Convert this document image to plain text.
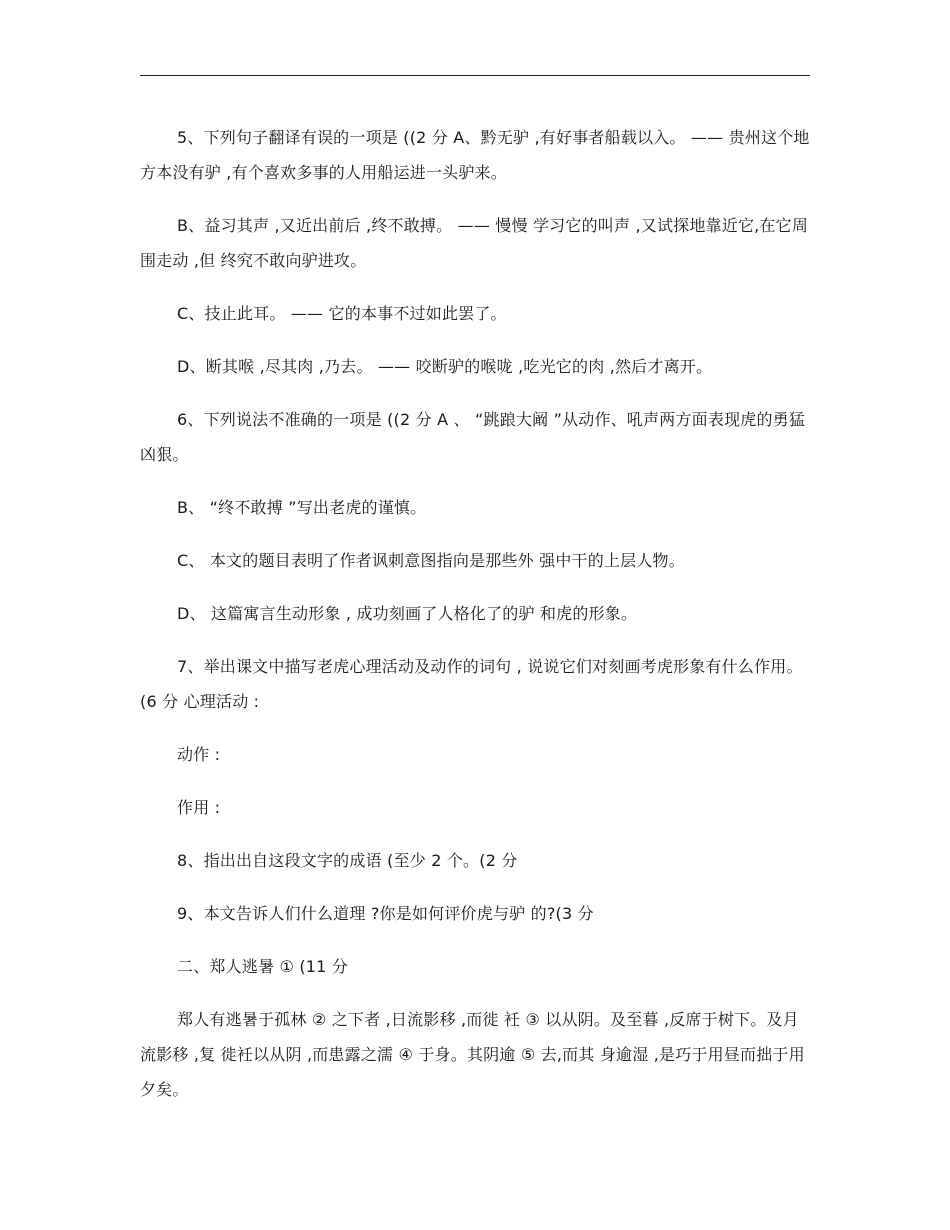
5、下列句子翻译有误的一项是 ((2 分 A、黔无驴 ,有好事者船载以入。 —— 贵州这个地 方本没有驴 ,有个喜欢多事的人用船运进一头驴来。

B、益习其声 ,又近出前后 ,终不敢搏。 —— 慢慢 学习它的叫声 ,又试探地靠近它,在它周围走动 ,但 终究不敢向驴进攻。

C、技止此耳。 —— 它的本事不过如此罢了。

D、断其喉 ,尽其肉 ,乃去。 —— 咬断驴的喉咙 ,吃光它的肉 ,然后才离开。

6、下列说法不准确的一项是 ((2 分 A 、 “跳踉大阚 ”从动作、吼声两方面表现虎的勇猛 凶狠。

B、 “终不敢搏 ”写出老虎的谨慎。

C、 本文的题目表明了作者讽刺意图指向是那些外 强中干的上层人物。

D、 这篇寓言生动形象 , 成功刻画了人格化了的驴 和虎的形象。

7、举出课文中描写老虎心理活动及动作的词句 , 说说它们对刻画考虎形象有什么作用。 (6 分 心理活动 :

动作 :

作用 :

8、指出出自这段文字的成语 (至少 2 个。(2 分

9、本文告诉人们什么道理 ?你是如何评价虎与驴 的?(3 分

二、郑人逃暑 ① (11 分

郑人有逃暑于孤林 ② 之下者 ,日流影移 ,而徙 衽 ③ 以从阴。及至暮 ,反席于树下。及月流影移 ,复 徙衽以从阴 ,而患露之濡 ④ 于身。其阴逾 ⑤ 去,而其 身逾湿 ,是巧于用昼而拙于用夕矣。
